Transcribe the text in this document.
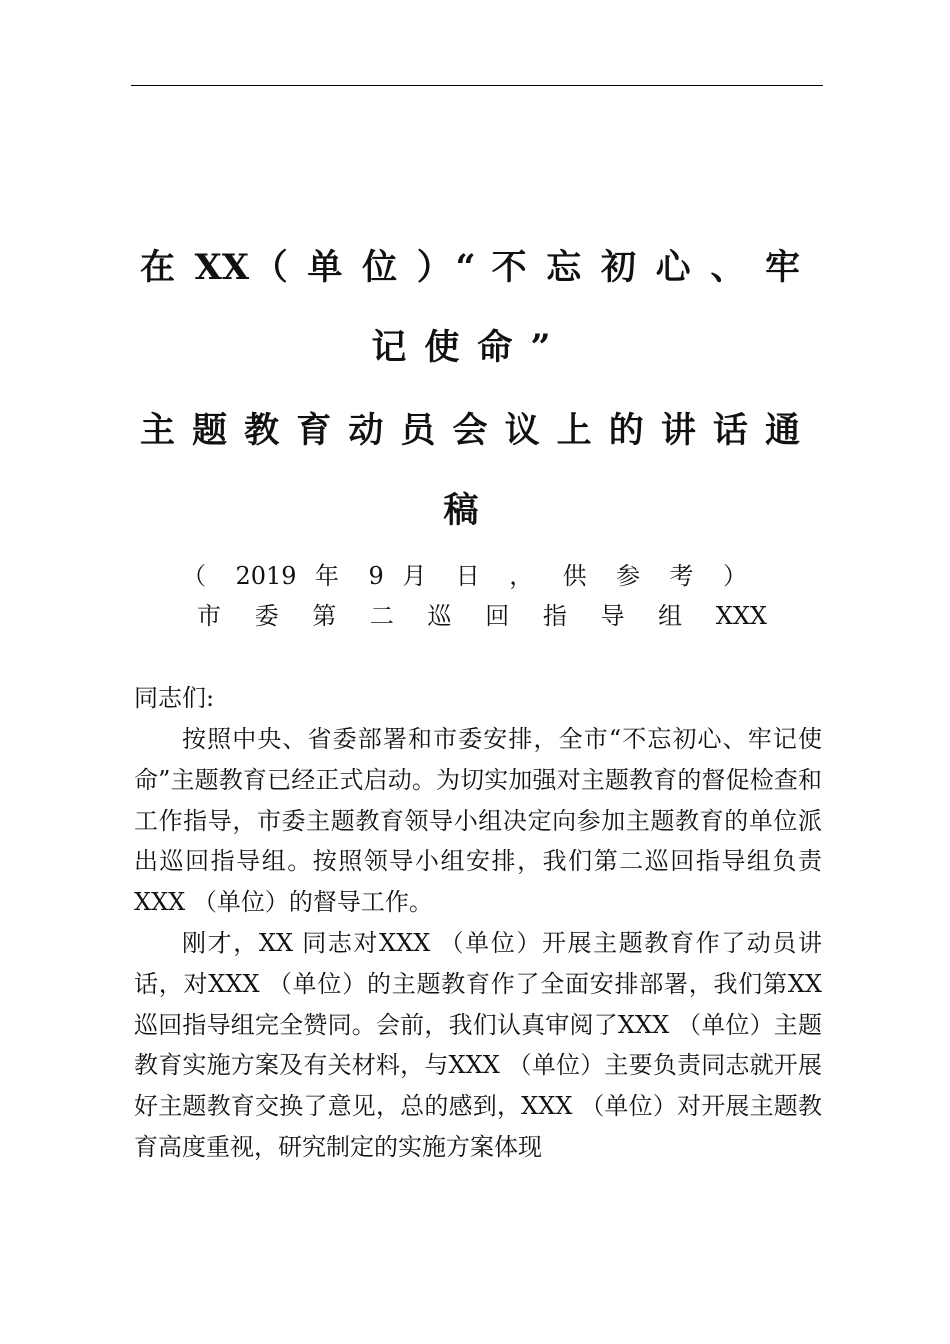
在 XX（ 单 位 ）“ 不 忘 初 心 、 牢
记使命”
主 题 教 育 动 员 会 议 上 的 讲 话 通
稿
（ 2019 年 9 月 日 ， 供 参 考 ）
市 委 第 二 巡 回 指 导 组 XXX
同志们:

按照中央、省委部署和市委安排，全市“不忘初心、牢记使命”主题教育已经正式启动。为切实加强对主题教育的督促检查和工作指导，市委主题教育领导小组决定向参加主题教育的单位派出巡回指导组。按照领导小组安排，我们第二巡回指导组负责XXX （单位）的督导工作。

刚才，XX 同志对XXX （单位）开展主题教育作了动员讲话，对XXX （单位）的主题教育作了全面安排部署，我们第XX 巡回指导组完全赞同。会前，我们认真审阅了XXX （单位）主题教育实施方案及有关材料，与XXX （单位）主要负责同志就开展好主题教育交换了意见，总的感到，XXX （单位）对开展主题教育高度重视，研究制定的实施方案体现
